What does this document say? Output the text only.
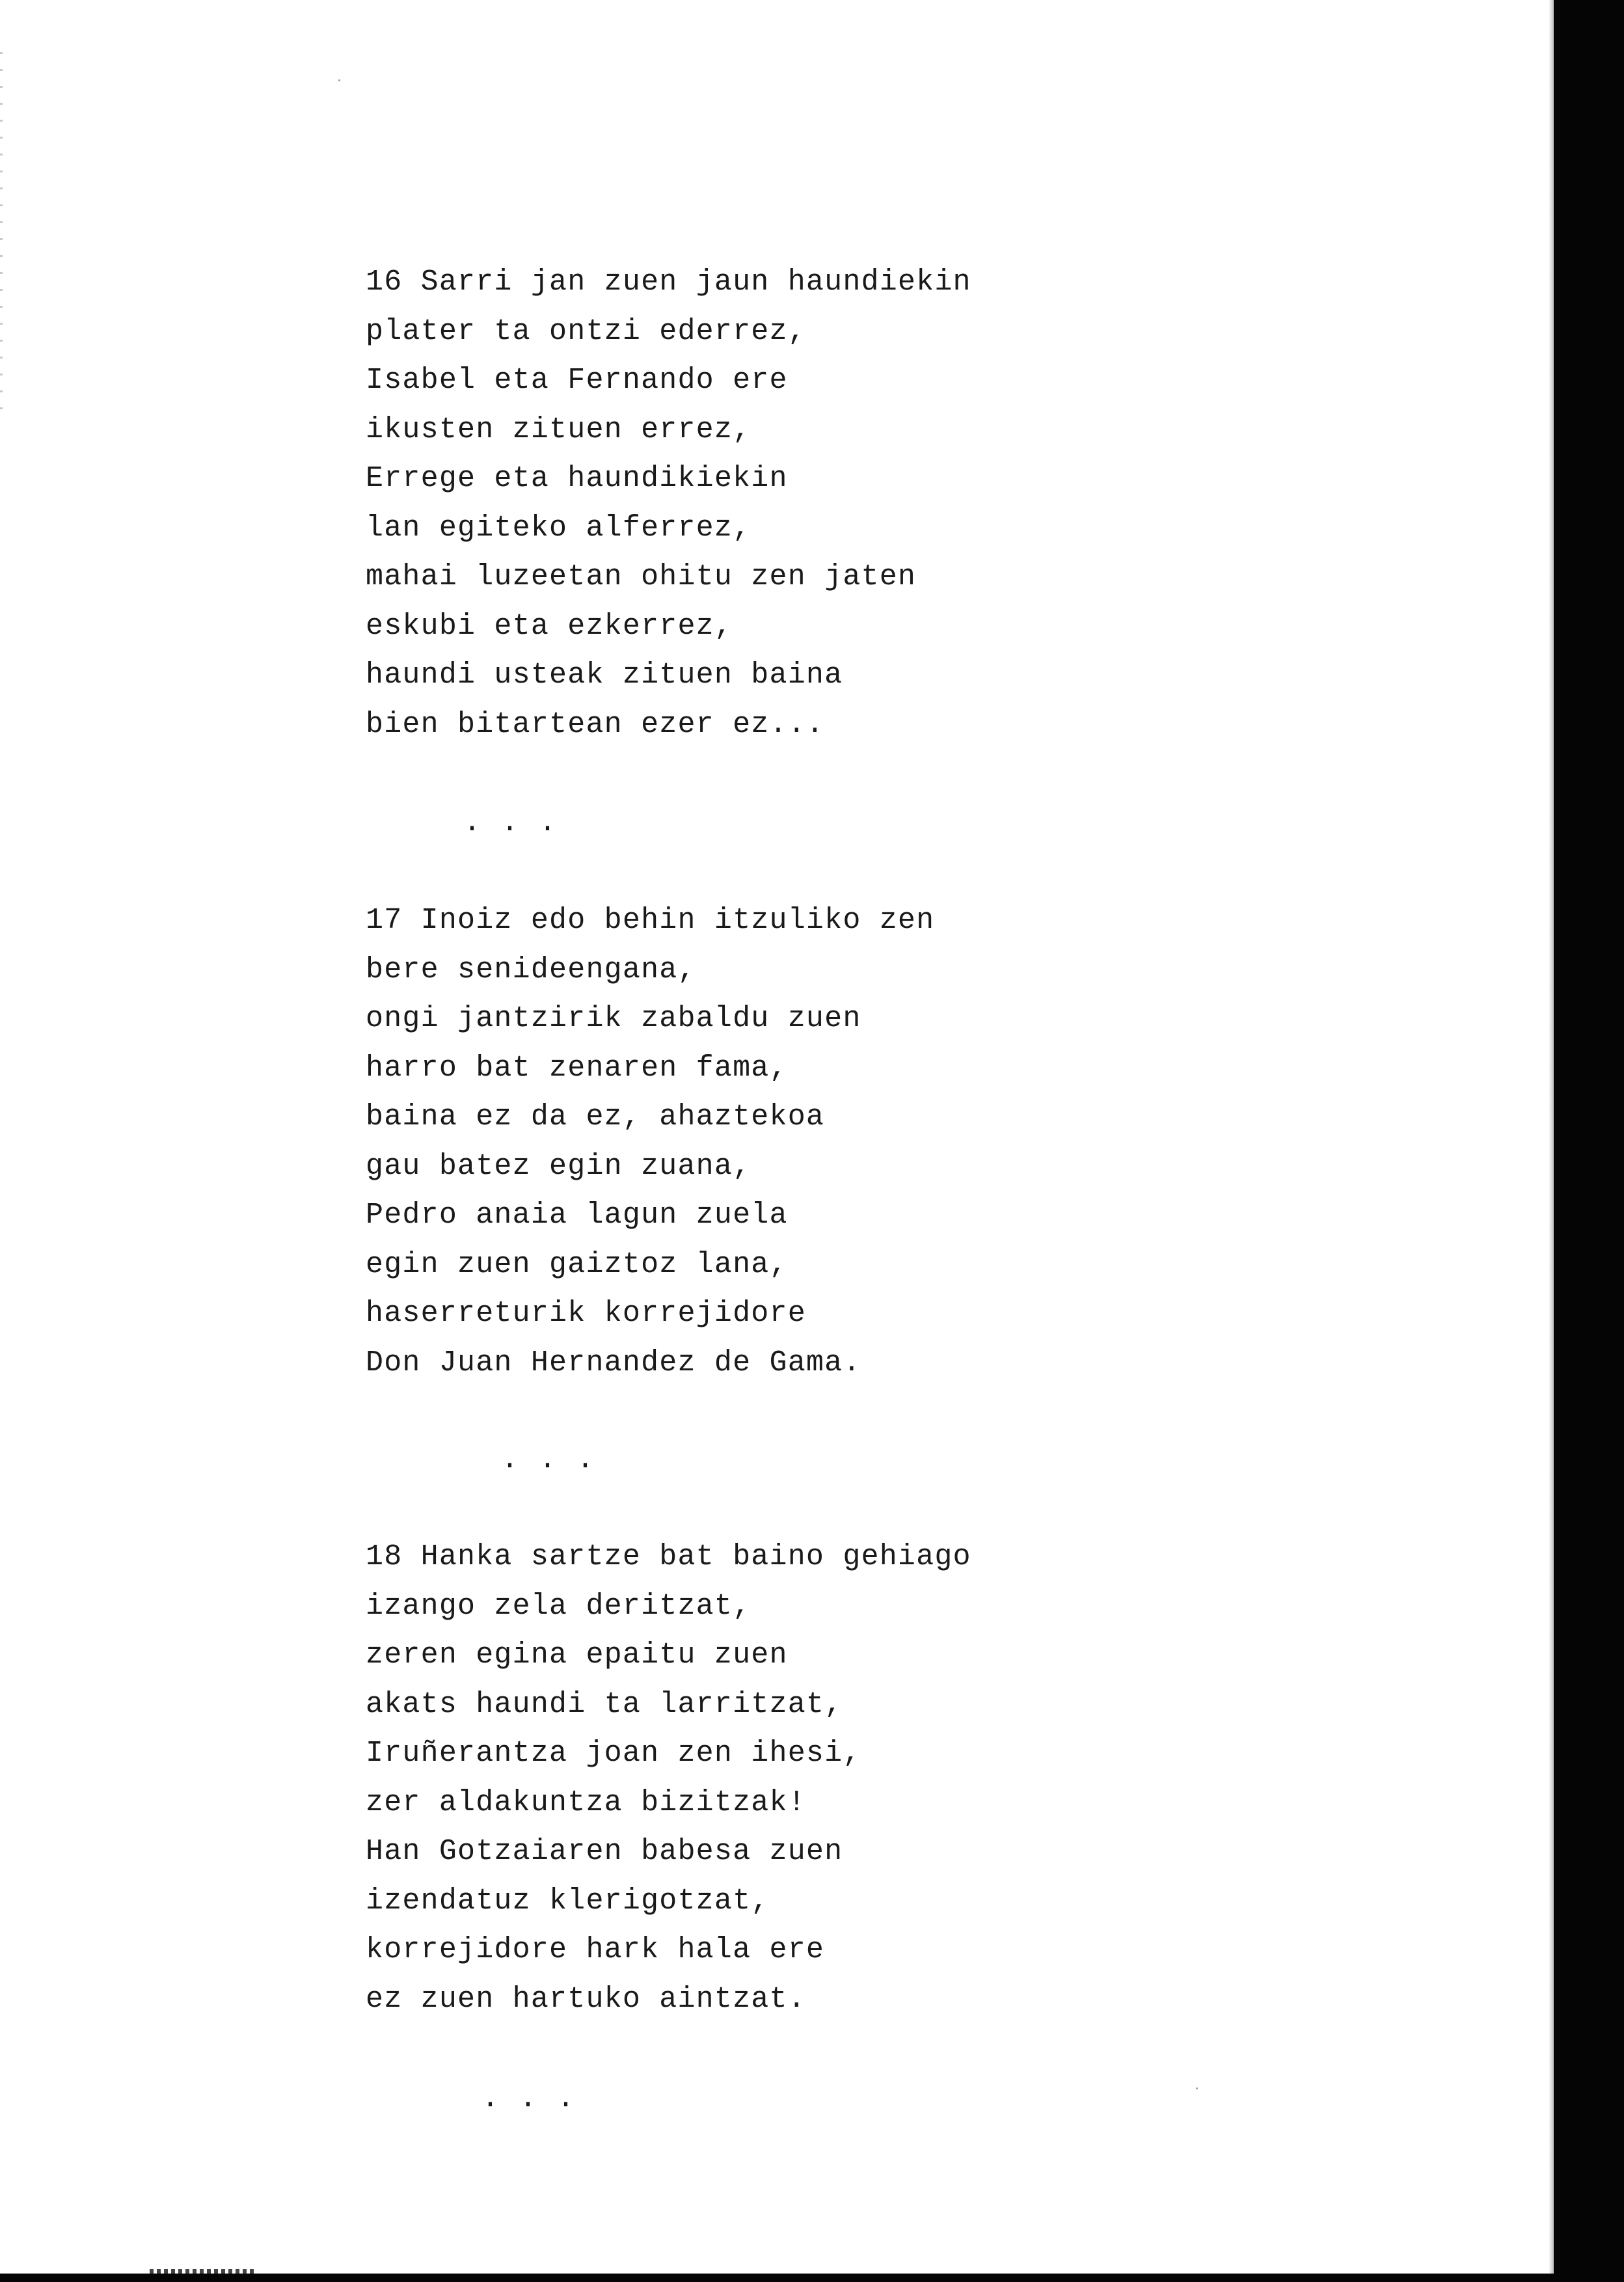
16 Sarri jan zuen jaun haundiekin
plater ta ontzi ederrez,
Isabel eta Fernando ere
ikusten zituen errez,
Errege eta haundikiekin
lan egiteko alferrez,
mahai luzeetan ohitu zen jaten
eskubi eta ezkerrez,
haundi usteak zituen baina
bien bitartean ezer ez...
. . .
17 Inoiz edo behin itzuliko zen
bere senideengana,
ongi jantzirik zabaldu zuen
harro bat zenaren fama,
baina ez da ez, ahaztekoa
gau batez egin zuana,
Pedro anaia lagun zuela
egin zuen gaiztoz lana,
haserreturik korrejidore
Don Juan Hernandez de Gama.
. . .
18 Hanka sartze bat baino gehiago
izango zela deritzat,
zeren egina epaitu zuen
akats haundi ta larritzat,
Iruñerantza joan zen ihesi,
zer aldakuntza bizitzak!
Han Gotzaiaren babesa zuen
izendatuz klerigotzat,
korrejidore hark hala ere
ez zuen hartuko aintzat.
. . .
